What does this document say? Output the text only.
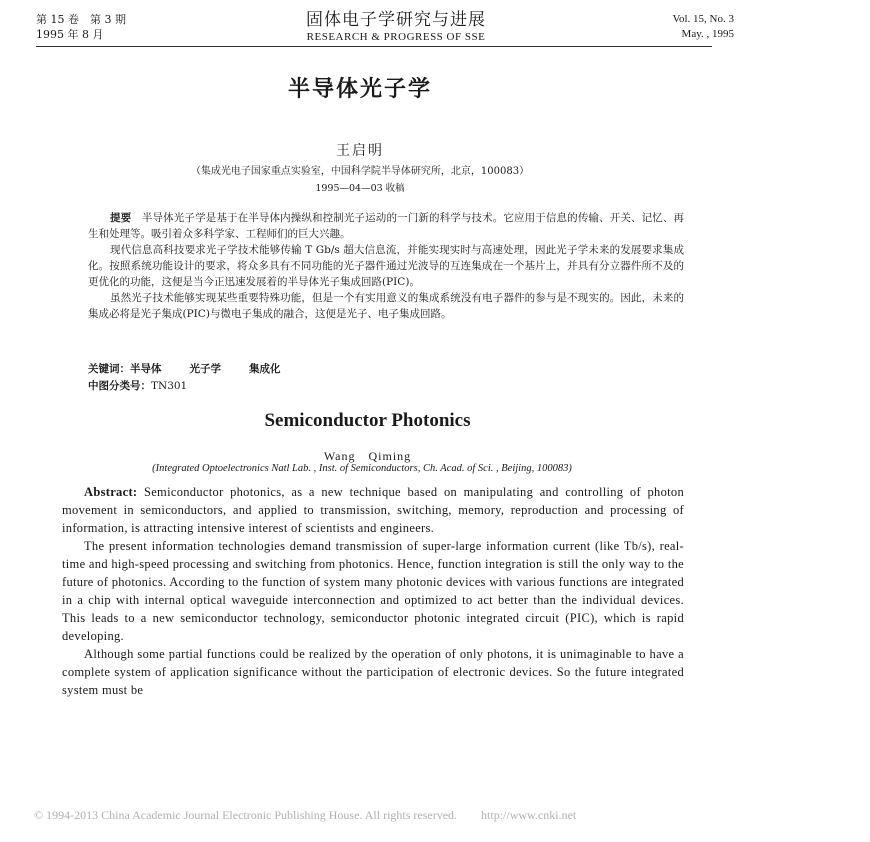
第 15 卷　第 3 期
1995 年 8 月
固体电子学研究与进展
RESEARCH & PROGRESS OF SSE
Vol. 15, No. 3
May. , 1995
半导体光子学
王启明
（集成光电子国家重点实验室，中国科学院半导体研究所，北京，100083）
1995—04—03 收稿

提要　 半导体光子学是基于在半导体内操纵和控制光子运动的一门新的科学与技术。它应用于信息的传输、开关、记忆、再生和处理等。吸引着众多科学家、工程师们的巨大兴趣。

现代信息高科技要求光子学技术能够传输 T Gb/s 超大信息流，并能实现实时与高速处理，因此光子学未来的发展要求集成化。按照系统功能设计的要求，将众多具有不同功能的光子器件通过光波导的互连集成在一个基片上，并具有分立器件所不及的更优化的功能，这便是当今正迅速发展着的半导体光子集成回路(PIC)。

虽然光子技术能够实现某些重要特殊功能，但是一个有实用意义的集成系统没有电子器件的参与是不现实的。因此，未来的集成必将是光子集成(PIC)与微电子集成的融合，这便是光子、电子集成回路。

关键词：半导体	光子学	集成化
中图分类号：TN301
Semiconductor Photonics
Wang　Qiming
(Integrated Optoelectronics Natl Lab. , Inst. of Semiconductors, Ch. Acad. of Sci. , Beijing, 100083)

Abstract: Semiconductor photonics, as a new technique based on manipulating and controlling of photon movement in semiconductors, and applied to transmission, switching, memory, reproduction and processing of information, is attracting intensive interest of scientists and engineers.

The present information technologies demand transmission of super-large information current (like Tb/s), real-time and high-speed processing and switching from photonics. Hence, function integration is still the only way to the future of photonics. According to the function of system many photonic devices with various functions are integrated in a chip with internal optical waveguide interconnection and optimized to act better than the individual devices. This leads to a new semiconductor technology, semiconductor photonic integrated circuit (PIC), which is rapid developing.

Although some partial functions could be realized by the operation of only photons, it is unimaginable to have a complete system of application significance without the participation of electronic devices. So the future integrated system must be

© 1994-2013 China Academic Journal Electronic Publishing House. All rights reserved.　　http://www.cnki.net
